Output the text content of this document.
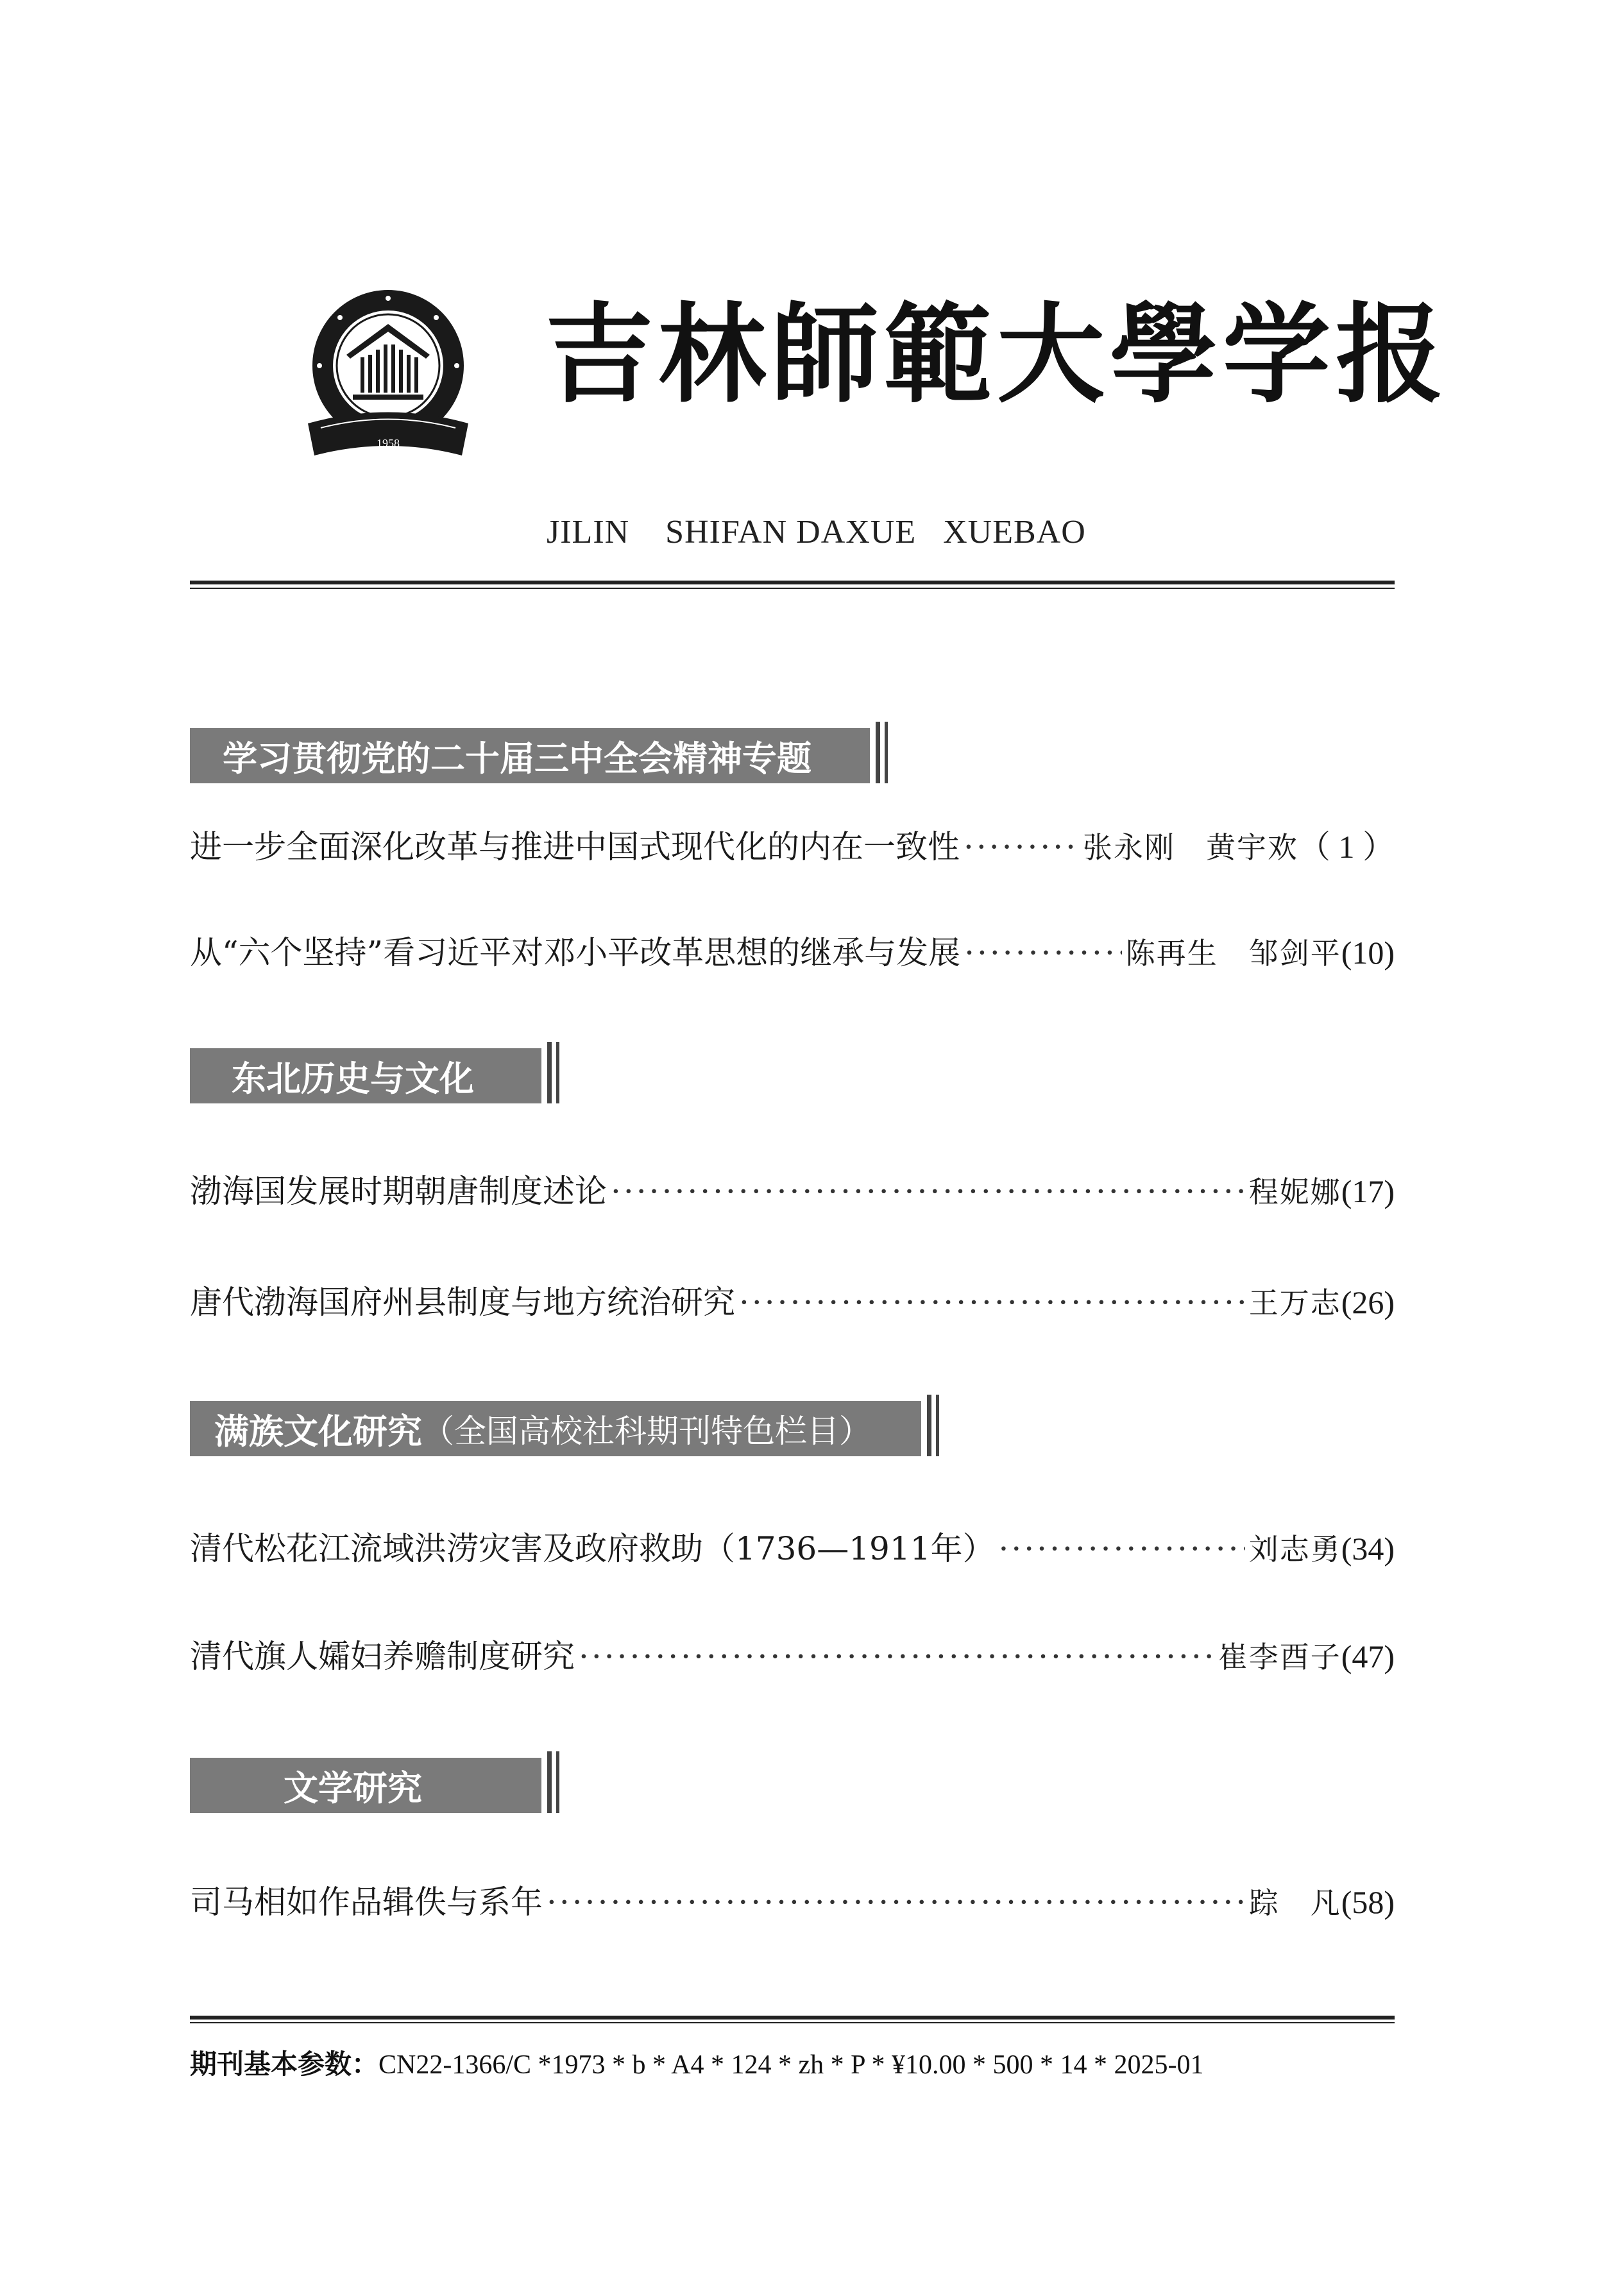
1958
吉林師範大學学报
JILIN    SHIFAN DAXUE   XUEBAO
学习贯彻党的二十届三中全会精神专题
进一步全面深化改革与推进中国式现代化的内在一致性 ·····	张永刚　黄宇欢 （ 1 ）
从“六个坚持”看习近平对邓小平改革思想的继承与发展 ·····	陈再生　邹剑平 (10)
东北历史与文化
渤海国发展时期朝唐制度述论 ·····	程妮娜 (17)
唐代渤海国府州县制度与地方统治研究 ·····	王万志 (26)
满族文化研究 （全国高校社科期刊特色栏目）
清代松花江流域洪涝灾害及政府救助（1736—1911年） ·····	刘志勇 (34)
清代旗人孀妇养赡制度研究 ·····	崔李酉子 (47)
文学研究
司马相如作品辑佚与系年 ·····	踪　凡 (58)
期刊基本参数：CN22-1366/C *1973 * b * A4 * 124 * zh * P * ¥10.00 * 500 * 14 * 2025-01
